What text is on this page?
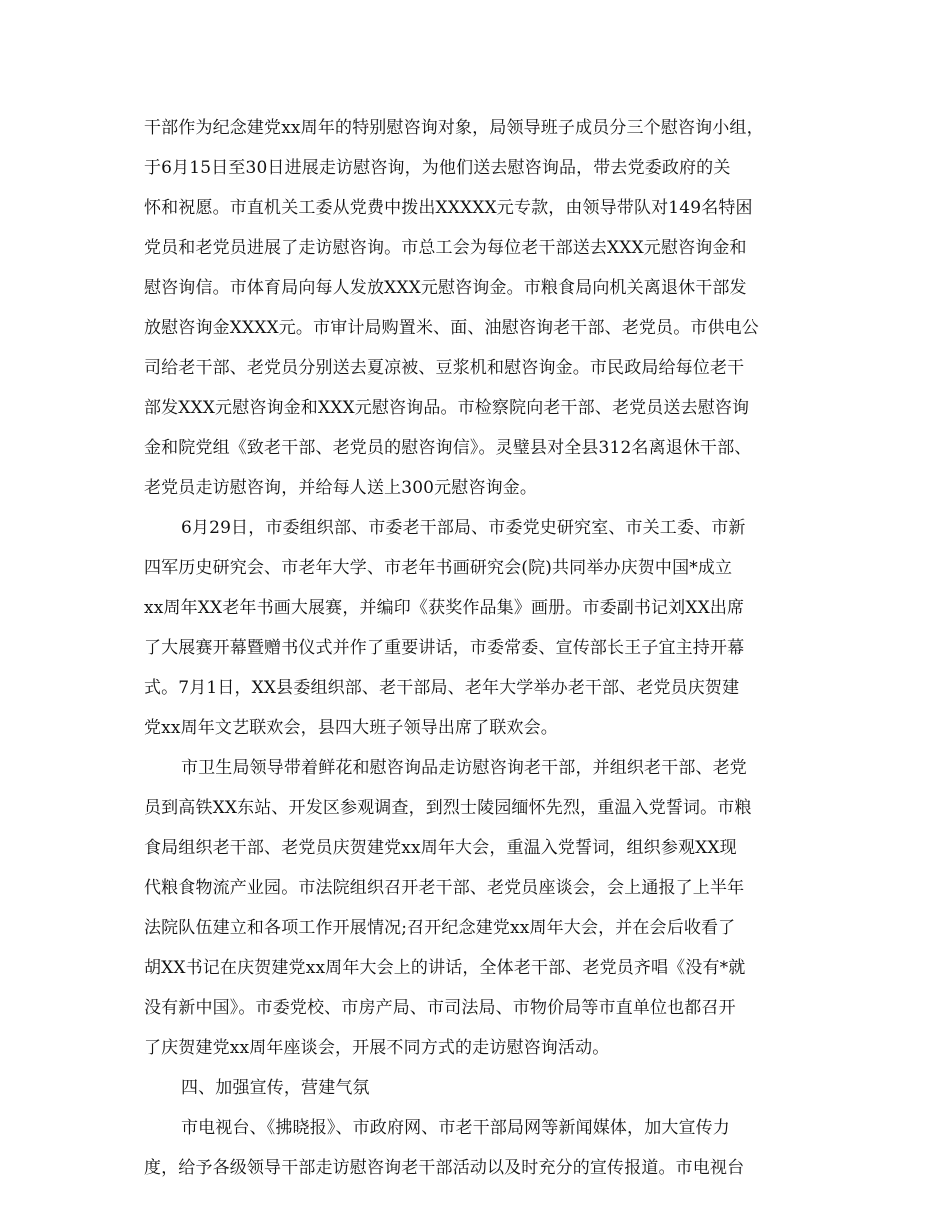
干部作为纪念建党xx周年的特别慰咨询对象，局领导班子成员分三个慰咨询小组，
于6月15日至30日进展走访慰咨询，为他们送去慰咨询品，带去党委政府的关
怀和祝愿。市直机关工委从党费中拨出XXXXX元专款，由领导带队对149名特困
党员和老党员进展了走访慰咨询。市总工会为每位老干部送去XXX元慰咨询金和
慰咨询信。市体育局向每人发放XXX元慰咨询金。市粮食局向机关离退休干部发
放慰咨询金XXXX元。市审计局购置米、面、油慰咨询老干部、老党员。市供电公
司给老干部、老党员分别送去夏凉被、豆浆机和慰咨询金。市民政局给每位老干
部发XXX元慰咨询金和XXX元慰咨询品。市检察院向老干部、老党员送去慰咨询
金和院党组《致老干部、老党员的慰咨询信》。灵璧县对全县312名离退休干部、
老党员走访慰咨询，并给每人送上300元慰咨询金。
6月29日，市委组织部、市委老干部局、市委党史研究室、市关工委、市新
四军历史研究会、市老年大学、市老年书画研究会(院)共同举办庆贺中国*成立
xx周年XX老年书画大展赛，并编印《获奖作品集》画册。市委副书记刘XX出席
了大展赛开幕暨赠书仪式并作了重要讲话，市委常委、宣传部长王子宜主持开幕
式。7月1日，XX县委组织部、老干部局、老年大学举办老干部、老党员庆贺建
党xx周年文艺联欢会，县四大班子领导出席了联欢会。
市卫生局领导带着鲜花和慰咨询品走访慰咨询老干部，并组织老干部、老党
员到高铁XX东站、开发区参观调查，到烈士陵园缅怀先烈，重温入党誓词。市粮
食局组织老干部、老党员庆贺建党xx周年大会，重温入党誓词，组织参观XX现
代粮食物流产业园。市法院组织召开老干部、老党员座谈会，会上通报了上半年
法院队伍建立和各项工作开展情况;召开纪念建党xx周年大会，并在会后收看了
胡XX书记在庆贺建党xx周年大会上的讲话，全体老干部、老党员齐唱《没有*就
没有新中国》。市委党校、市房产局、市司法局、市物价局等市直单位也都召开
了庆贺建党xx周年座谈会，开展不同方式的走访慰咨询活动。
四、加强宣传，营建气氛
市电视台、《拂晓报》、市政府网、市老干部局网等新闻媒体，加大宣传力
度，给予各级领导干部走访慰咨询老干部活动以及时充分的宣传报道。市电视台
